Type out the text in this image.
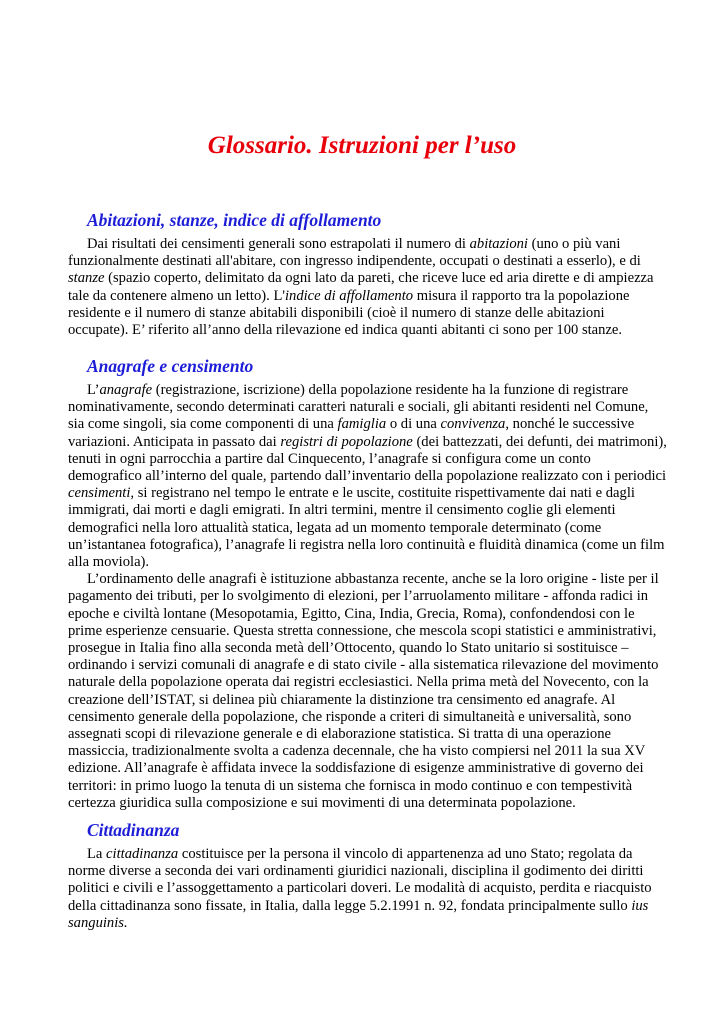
Glossario. Istruzioni per l’uso
Abitazioni, stanze, indice di affollamento

Dai risultati dei censimenti generali sono estrapolati il numero di abitazioni (uno o più vani funzionalmente destinati all'abitare, con ingresso indipendente, occupati o destinati a esserlo), e di stanze (spazio coperto, delimitato da ogni lato da pareti, che riceve luce ed aria dirette e di ampiezza tale da contenere almeno un letto). L'indice di affollamento misura il rapporto tra la popolazione residente e il numero di stanze abitabili disponibili (cioè il numero di stanze delle abitazioni occupate). E’ riferito all’anno della rilevazione ed indica quanti abitanti ci sono per 100 stanze.

Anagrafe e censimento

L’anagrafe (registrazione, iscrizione) della popolazione residente ha la funzione di registrare nominativamente, secondo determinati caratteri naturali e sociali, gli abitanti residenti nel Comune, sia come singoli, sia come componenti di una famiglia o di una convivenza, nonché le successive variazioni. Anticipata in passato dai registri di popolazione (dei battezzati, dei defunti, dei matrimoni), tenuti in ogni parrocchia a partire dal Cinquecento, l’anagrafe si configura come un conto demografico all’interno del quale, partendo dall’inventario della popolazione realizzato con i periodici censimenti, si registrano nel tempo le entrate e le uscite, costituite rispettivamente dai nati e dagli immigrati, dai morti e dagli emigrati. In altri termini, mentre il censimento coglie gli elementi demografici nella loro attualità statica, legata ad un momento temporale determinato (come un’istantanea fotografica), l’anagrafe li registra nella loro continuità e fluidità dinamica (come un film alla moviola).

L’ordinamento delle anagrafi è istituzione abbastanza recente, anche se la loro origine - liste per il pagamento dei tributi, per lo svolgimento di elezioni, per l’arruolamento militare - affonda radici in epoche e civiltà lontane (Mesopotamia, Egitto, Cina, India, Grecia, Roma), confondendosi con le prime esperienze censuarie. Questa stretta connessione, che mescola scopi statistici e amministrativi, prosegue in Italia fino alla seconda metà dell’Ottocento, quando lo Stato unitario si sostituisce – ordinando i servizi comunali di anagrafe e di stato civile - alla sistematica rilevazione del movimento naturale della popolazione operata dai registri ecclesiastici. Nella prima metà del Novecento, con la creazione dell’ISTAT, si delinea più chiaramente la distinzione tra censimento ed anagrafe. Al censimento generale della popolazione, che risponde a criteri di simultaneità e universalità, sono assegnati scopi di rilevazione generale e di elaborazione statistica. Si tratta di una operazione massiccia, tradizionalmente svolta a cadenza decennale, che ha visto compiersi nel 2011 la sua XV edizione. All’anagrafe è affidata invece la soddisfazione di esigenze amministrative di governo dei territori: in primo luogo la tenuta di un sistema che fornisca in modo continuo e con tempestività certezza giuridica sulla composizione e sui movimenti di una determinata popolazione.

Cittadinanza

La cittadinanza costituisce per la persona il vincolo di appartenenza ad uno Stato; regolata da norme diverse a seconda dei vari ordinamenti giuridici nazionali, disciplina il godimento dei diritti politici e civili e l’assoggettamento a particolari doveri. Le modalità di acquisto, perdita e riacquisto della cittadinanza sono fissate, in Italia, dalla legge 5.2.1991 n. 92, fondata principalmente sullo ius sanguinis.
